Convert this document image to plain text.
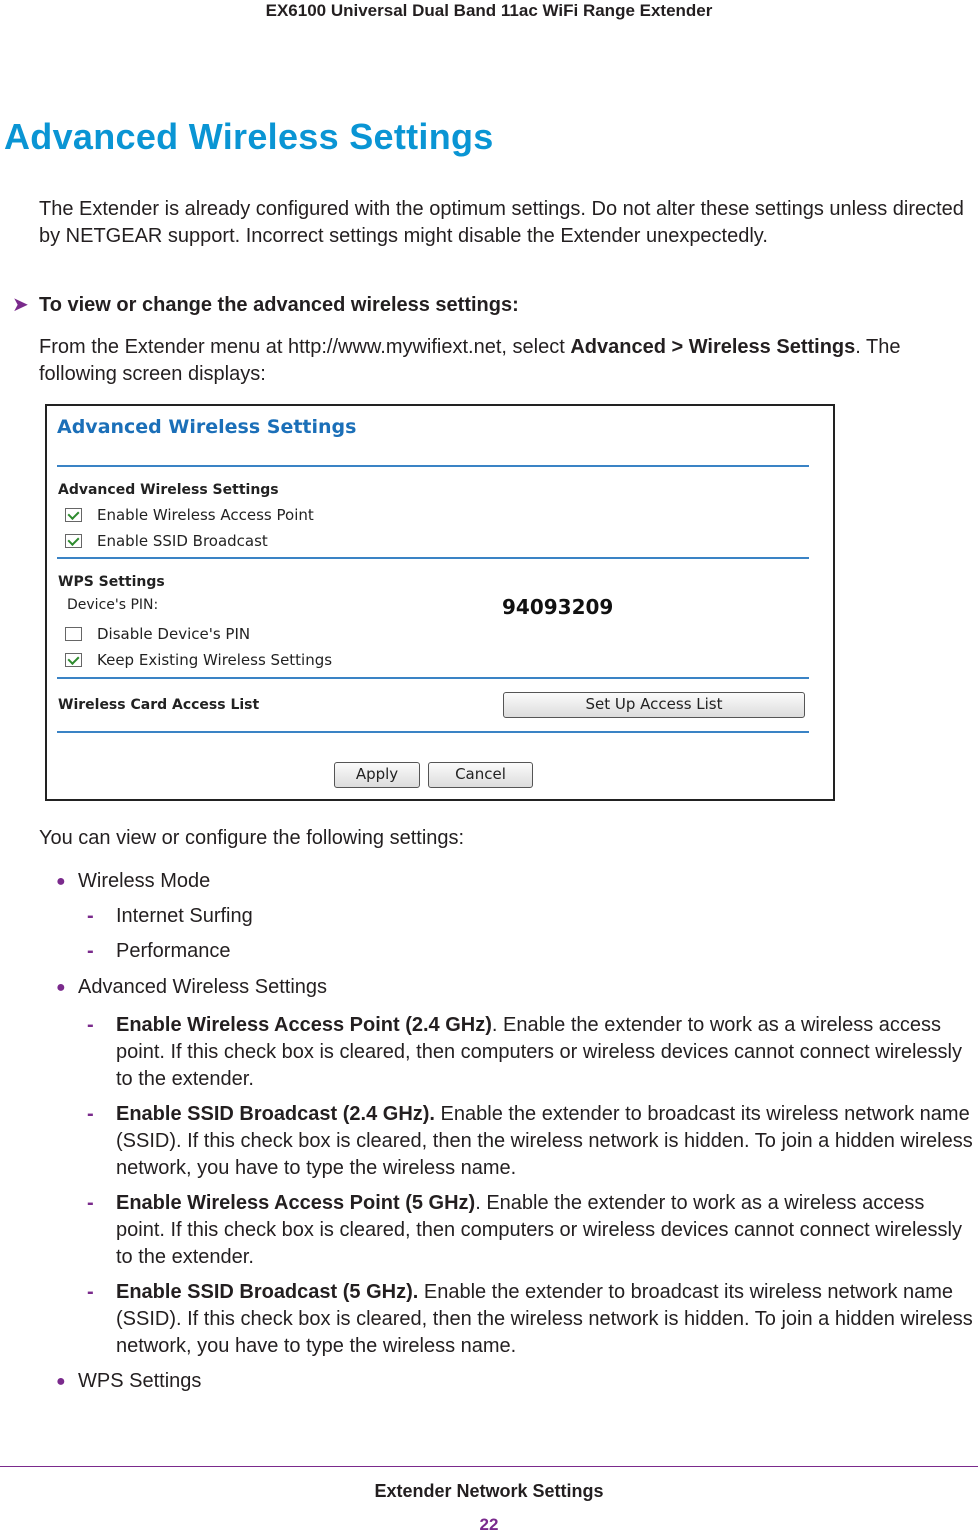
EX6100 Universal Dual Band 11ac WiFi Range Extender
Advanced Wireless Settings

The Extender is already configured with the optimum settings. Do not alter these settings unless directed by NETGEAR support. Incorrect settings might disable the Extender unexpectedly.

➤ To view or change the advanced wireless settings:

From the Extender menu at http://www.mywifiext.net, select Advanced > Wireless Settings. The following screen displays:

Advanced Wireless Settings
Advanced Wireless Settings
Enable Wireless Access Point
Enable SSID Broadcast
WPS Settings
Device's PIN:	94093209
Disable Device's PIN
Keep Existing Wireless Settings
Wireless Card Access List	Set Up Access List
Apply	Cancel

You can view or configure the following settings:

● Wireless Mode
- Internet Surfing
- Performance
● Advanced Wireless Settings
- Enable Wireless Access Point (2.4 GHz). Enable the extender to work as a wireless access point. If this check box is cleared, then computers or wireless devices cannot connect wirelessly to the extender.
- Enable SSID Broadcast (2.4 GHz). Enable the extender to broadcast its wireless network name (SSID). If this check box is cleared, then the wireless network is hidden. To join a hidden wireless network, you have to type the wireless name.
- Enable Wireless Access Point (5 GHz). Enable the extender to work as a wireless access point. If this check box is cleared, then computers or wireless devices cannot connect wirelessly to the extender.
- Enable SSID Broadcast (5 GHz). Enable the extender to broadcast its wireless network name (SSID). If this check box is cleared, then the wireless network is hidden. To join a hidden wireless network, you have to type the wireless name.
● WPS Settings
Extender Network Settings
22
